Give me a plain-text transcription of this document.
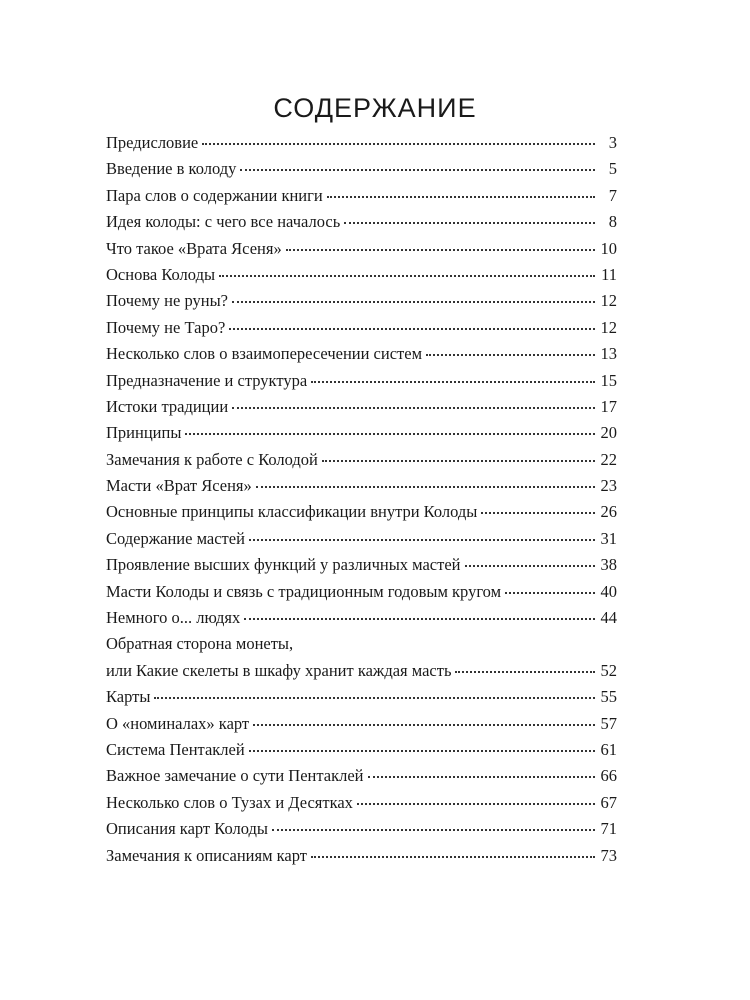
СОДЕРЖАНИЕ
Предисловие	3
Введение в колоду	5
Пара слов о содержании книги	7
Идея колоды: с чего все началось	8
Что такое «Врата Ясеня»	10
Основа Колоды	11
Почему не руны?	12
Почему не Таро?	12
Несколько слов о взаимопересечении систем	13
Предназначение и структура	15
Истоки традиции	17
Принципы	20
Замечания к работе с Колодой	22
Масти «Врат Ясеня»	23
Основные принципы классификации внутри Колоды	26
Содержание мастей	31
Проявление высших функций у различных мастей	38
Масти Колоды и связь с традиционным годовым кругом	40
Немного о... людях	44
Обратная сторона монеты,
или Какие скелеты в шкафу хранит каждая масть	52
Карты	55
О «номиналах» карт	57
Система Пентаклей	61
Важное замечание о сути Пентаклей	66
Несколько слов о Тузах и Десятках	67
Описания карт Колоды	71
Замечания к описаниям карт	73
